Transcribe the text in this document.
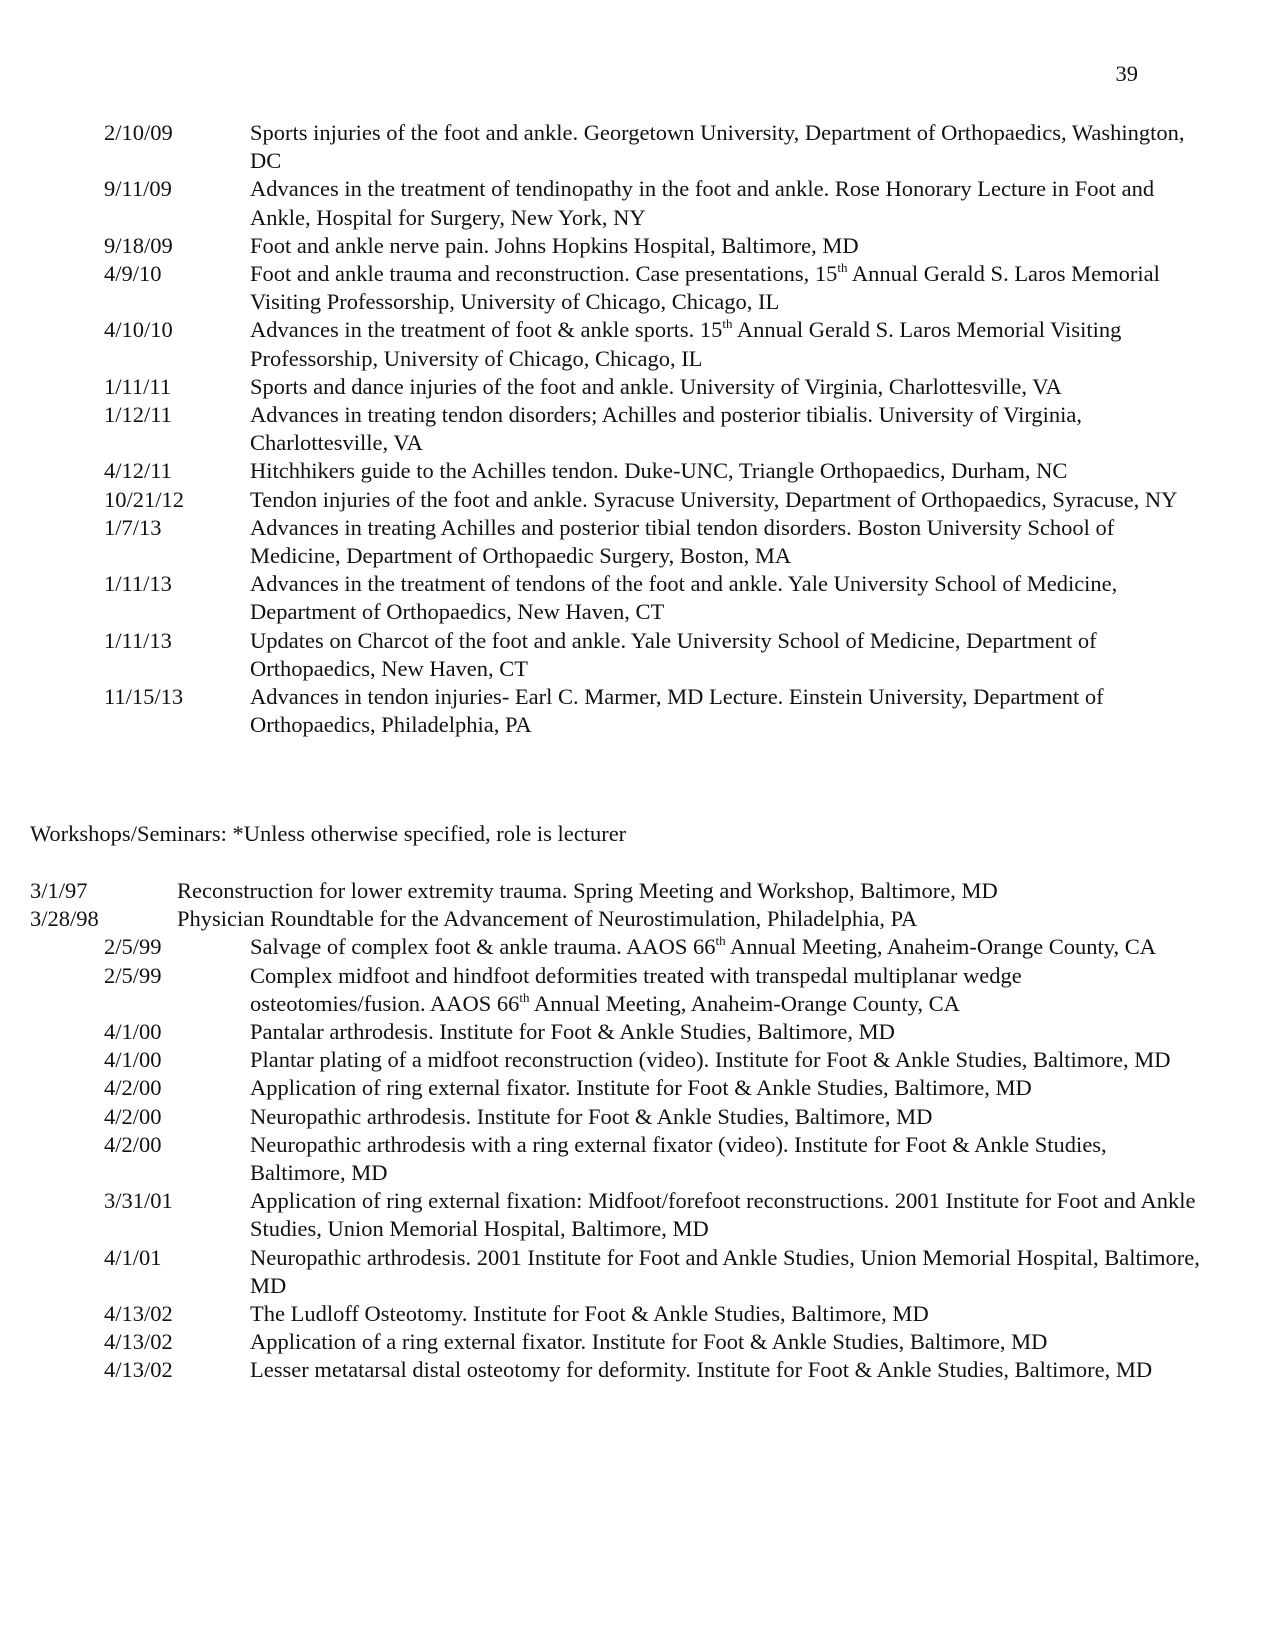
39
2/10/09	Sports injuries of the foot and ankle. Georgetown University, Department of Orthopaedics, Washington, DC
9/11/09	Advances in the treatment of tendinopathy in the foot and ankle. Rose Honorary Lecture in Foot and Ankle, Hospital for Surgery, New York, NY
9/18/09	Foot and ankle nerve pain. Johns Hopkins Hospital, Baltimore, MD
4/9/10	Foot and ankle trauma and reconstruction. Case presentations, 15th Annual Gerald S. Laros Memorial Visiting Professorship, University of Chicago, Chicago, IL
4/10/10	Advances in the treatment of foot & ankle sports. 15th Annual Gerald S. Laros Memorial Visiting Professorship, University of Chicago, Chicago, IL
1/11/11	Sports and dance injuries of the foot and ankle. University of Virginia, Charlottesville, VA
1/12/11	Advances in treating tendon disorders; Achilles and posterior tibialis. University of Virginia, Charlottesville, VA
4/12/11	Hitchhikers guide to the Achilles tendon. Duke-UNC, Triangle Orthopaedics, Durham, NC
10/21/12	Tendon injuries of the foot and ankle. Syracuse University, Department of Orthopaedics, Syracuse, NY
1/7/13	Advances in treating Achilles and posterior tibial tendon disorders. Boston University School of Medicine, Department of Orthopaedic Surgery, Boston, MA
1/11/13	Advances in the treatment of tendons of the foot and ankle. Yale University School of Medicine, Department of Orthopaedics, New Haven, CT
1/11/13	Updates on Charcot of the foot and ankle. Yale University School of Medicine, Department of Orthopaedics, New Haven, CT
11/15/13	Advances in tendon injuries- Earl C. Marmer, MD Lecture. Einstein University, Department of Orthopaedics, Philadelphia, PA
Workshops/Seminars: *Unless otherwise specified, role is lecturer
3/1/97	Reconstruction for lower extremity trauma. Spring Meeting and Workshop, Baltimore, MD
3/28/98	Physician Roundtable for the Advancement of Neurostimulation, Philadelphia, PA
2/5/99	Salvage of complex foot & ankle trauma. AAOS 66th Annual Meeting, Anaheim-Orange County, CA
2/5/99	Complex midfoot and hindfoot deformities treated with transpedal multiplanar wedge osteotomies/fusion. AAOS 66th Annual Meeting, Anaheim-Orange County, CA
4/1/00	Pantalar arthrodesis. Institute for Foot & Ankle Studies, Baltimore, MD
4/1/00	Plantar plating of a midfoot reconstruction (video). Institute for Foot & Ankle Studies, Baltimore, MD
4/2/00	Application of ring external fixator. Institute for Foot & Ankle Studies, Baltimore, MD
4/2/00	Neuropathic arthrodesis. Institute for Foot & Ankle Studies, Baltimore, MD
4/2/00	Neuropathic arthrodesis with a ring external fixator (video). Institute for Foot & Ankle Studies, Baltimore, MD
3/31/01	Application of ring external fixation: Midfoot/forefoot reconstructions. 2001 Institute for Foot and Ankle Studies, Union Memorial Hospital, Baltimore, MD
4/1/01	Neuropathic arthrodesis. 2001 Institute for Foot and Ankle Studies, Union Memorial Hospital, Baltimore, MD
4/13/02	The Ludloff Osteotomy. Institute for Foot & Ankle Studies, Baltimore, MD
4/13/02	Application of a ring external fixator. Institute for Foot & Ankle Studies, Baltimore, MD
4/13/02	Lesser metatarsal distal osteotomy for deformity. Institute for Foot & Ankle Studies, Baltimore, MD
